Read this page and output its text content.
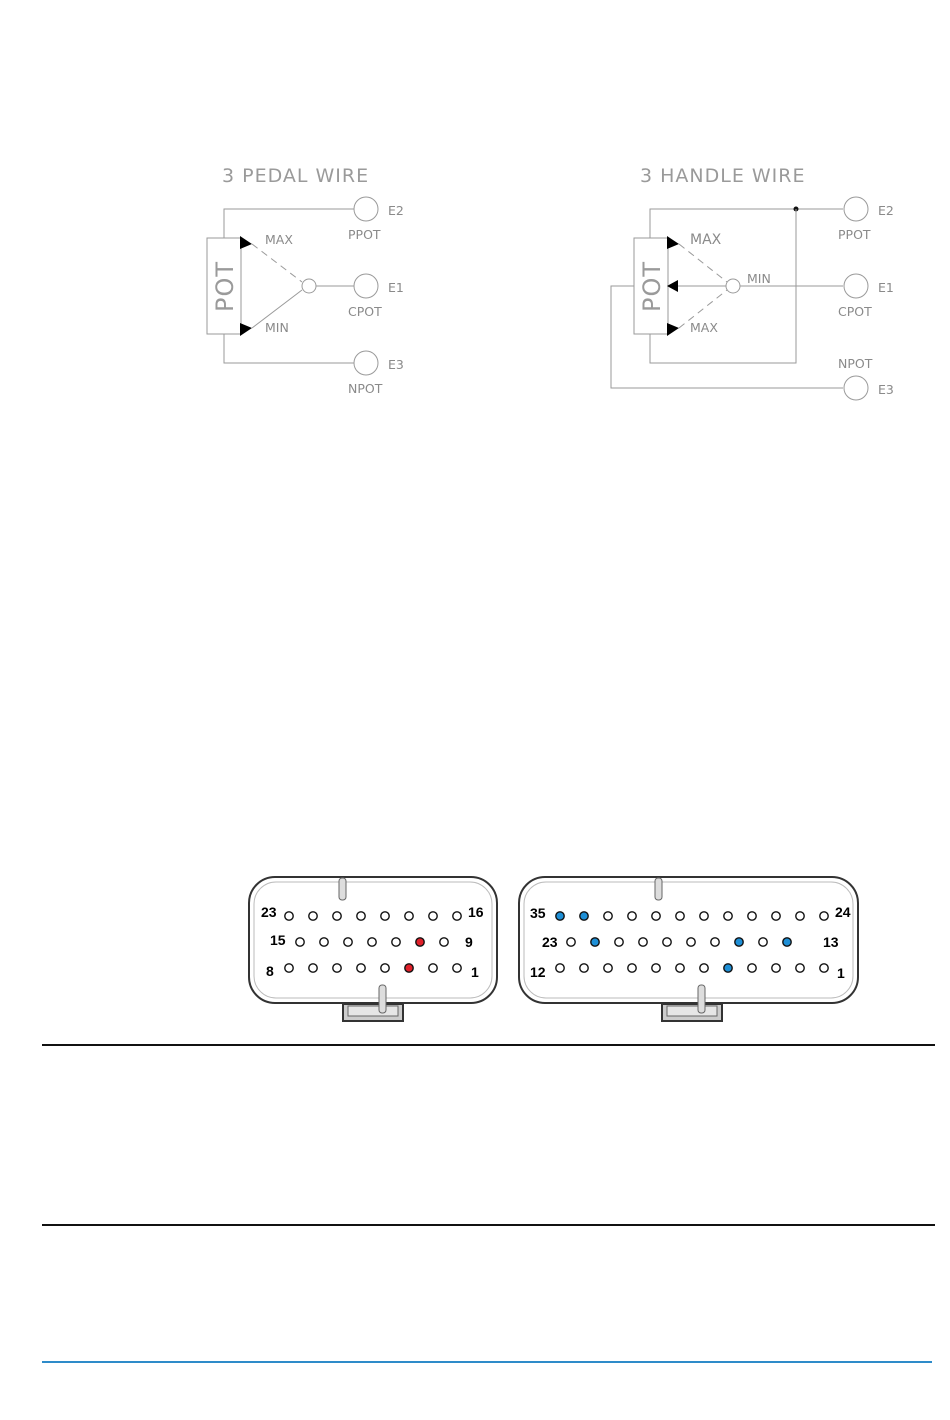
3 PEDAL WIRE
POT
MAX
MIN
E2
PPOT
E1
CPOT
E3
NPOT
3 HANDLE WIRE
POT
MAX
MIN
MAX
E2
PPOT
E1
CPOT
NPOT
E3
23	16
15	9
8	1
35	24
23	13
12	1
